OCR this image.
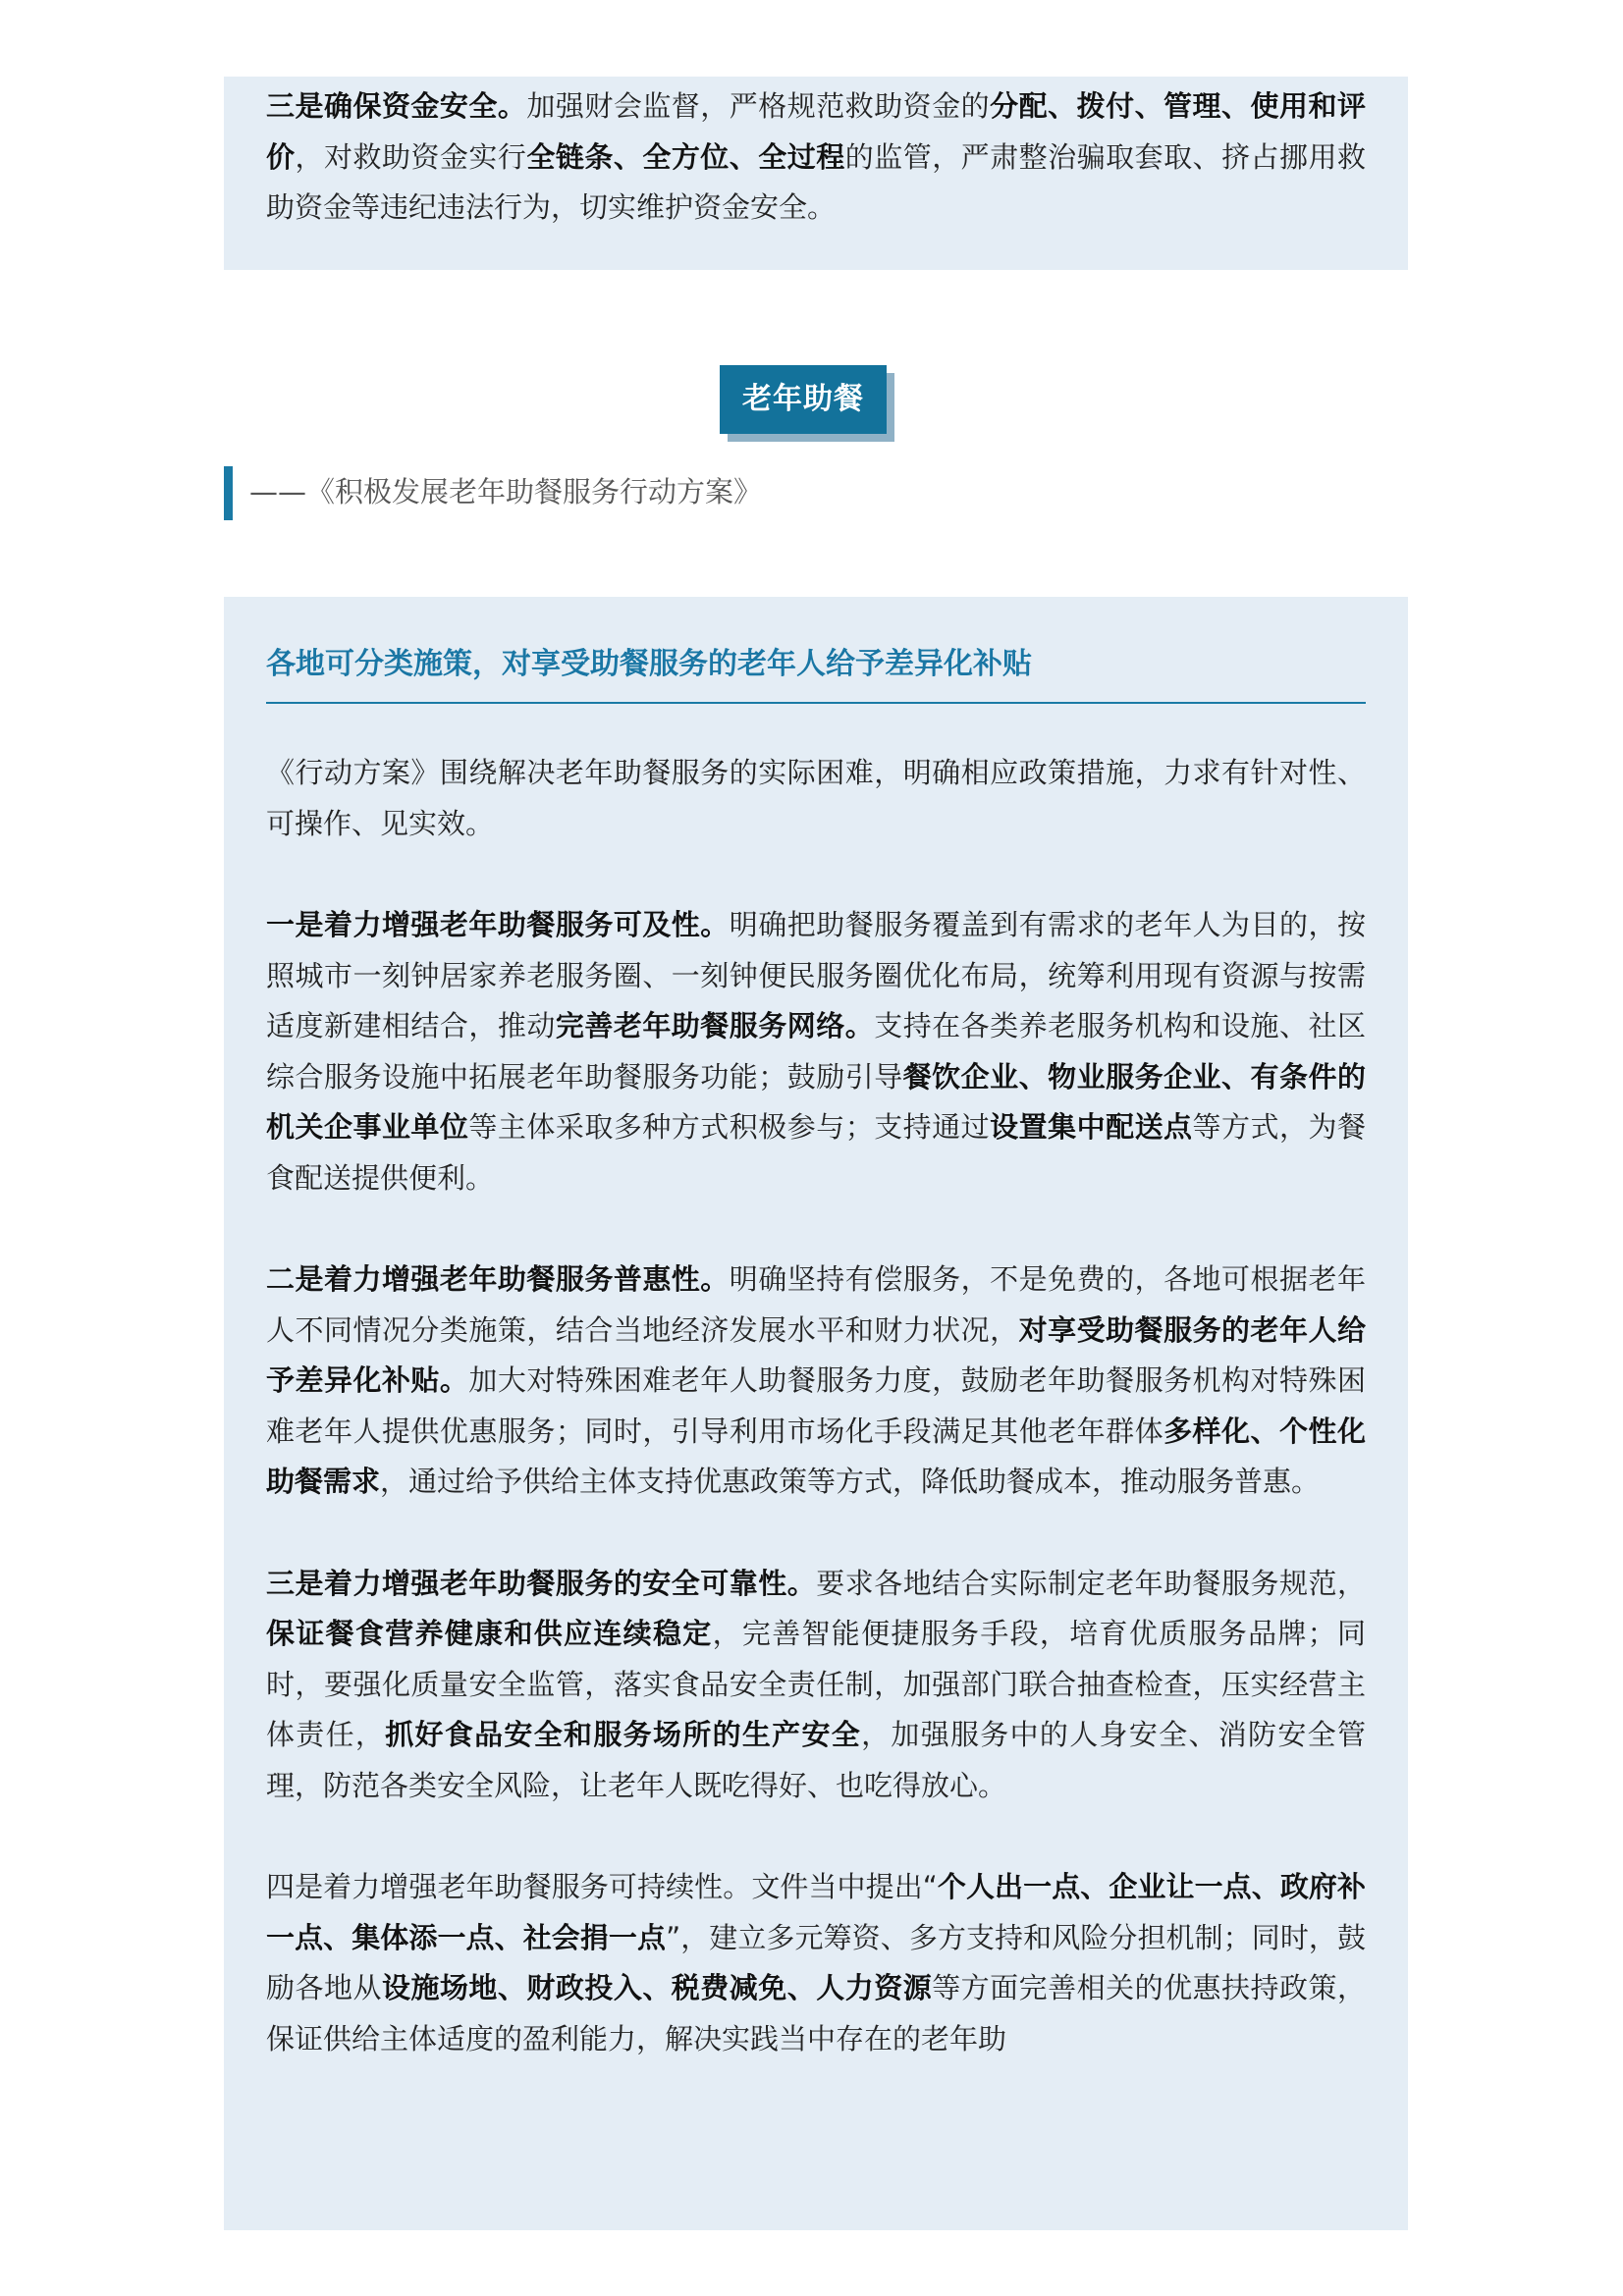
三是确保资金安全。加强财会监督，严格规范救助资金的分配、拨付、管理、使用和评价，对救助资金实行全链条、全方位、全过程的监管，严肃整治骗取套取、挤占挪用救助资金等违纪违法行为，切实维护资金安全。

老年助餐
——《积极发展老年助餐服务行动方案》
各地可分类施策，对享受助餐服务的老年人给予差异化补贴

《行动方案》围绕解决老年助餐服务的实际困难，明确相应政策措施，力求有针对性、可操作、见实效。

一是着力增强老年助餐服务可及性。明确把助餐服务覆盖到有需求的老年人为目的，按照城市一刻钟居家养老服务圈、一刻钟便民服务圈优化布局，统筹利用现有资源与按需适度新建相结合，推动完善老年助餐服务网络。支持在各类养老服务机构和设施、社区综合服务设施中拓展老年助餐服务功能；鼓励引导餐饮企业、物业服务企业、有条件的机关企事业单位等主体采取多种方式积极参与；支持通过设置集中配送点等方式，为餐食配送提供便利。

二是着力增强老年助餐服务普惠性。明确坚持有偿服务，不是免费的，各地可根据老年人不同情况分类施策，结合当地经济发展水平和财力状况，对享受助餐服务的老年人给予差异化补贴。加大对特殊困难老年人助餐服务力度，鼓励老年助餐服务机构对特殊困难老年人提供优惠服务；同时，引导利用市场化手段满足其他老年群体多样化、个性化助餐需求，通过给予供给主体支持优惠政策等方式，降低助餐成本，推动服务普惠。

三是着力增强老年助餐服务的安全可靠性。要求各地结合实际制定老年助餐服务规范，保证餐食营养健康和供应连续稳定，完善智能便捷服务手段，培育优质服务品牌；同时，要强化质量安全监管，落实食品安全责任制，加强部门联合抽查检查，压实经营主体责任，抓好食品安全和服务场所的生产安全，加强服务中的人身安全、消防安全管理，防范各类安全风险，让老年人既吃得好、也吃得放心。

四是着力增强老年助餐服务可持续性。文件当中提出“个人出一点、企业让一点、政府补一点、集体添一点、社会捐一点”，建立多元筹资、多方支持和风险分担机制；同时，鼓励各地从设施场地、财政投入、税费减免、人力资源等方面完善相关的优惠扶持政策，保证供给主体适度的盈利能力，解决实践当中存在的老年助
